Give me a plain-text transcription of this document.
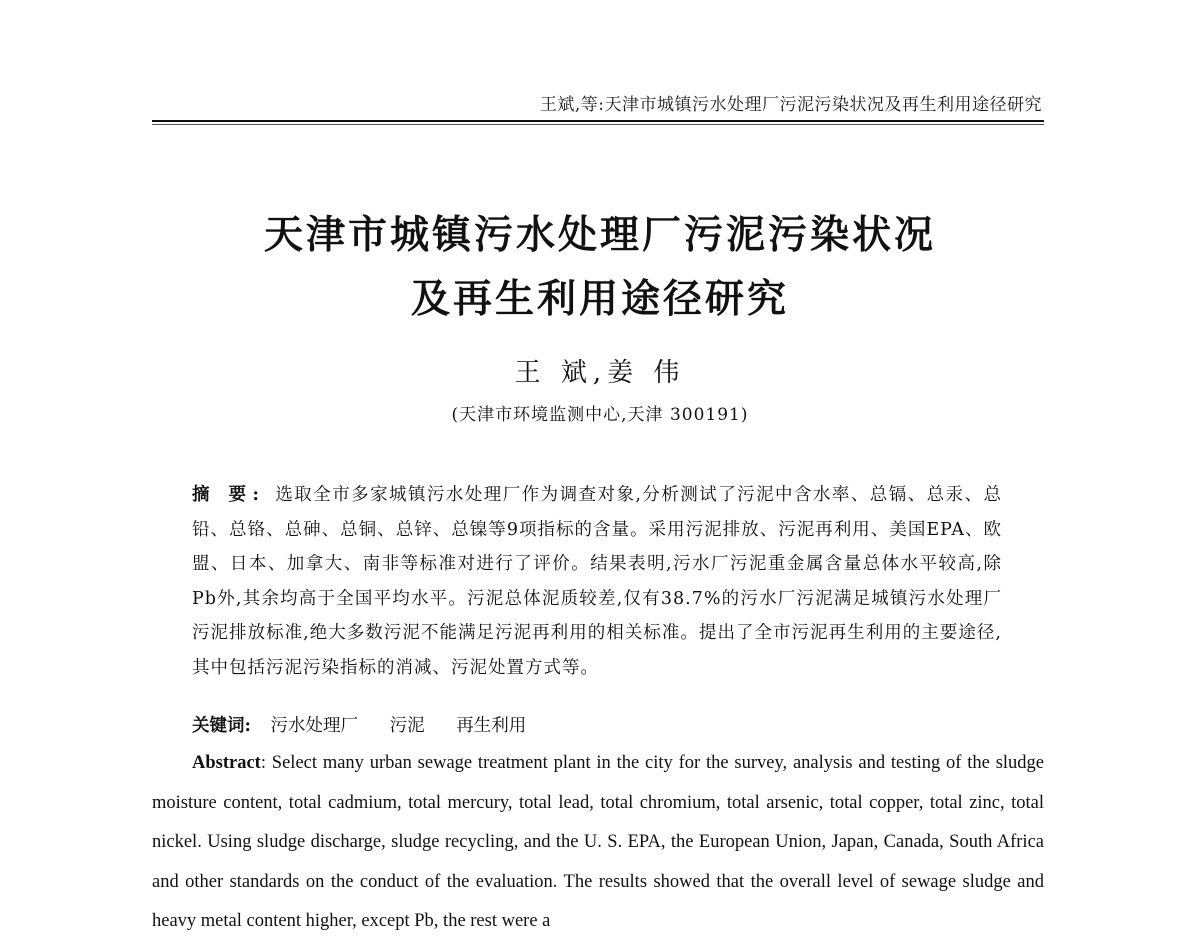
王斌,等:天津市城镇污水处理厂污泥污染状况及再生利用途径研究
天津市城镇污水处理厂污泥污染状况
及再生利用途径研究
王 斌,姜 伟
(天津市环境监测中心,天津 300191)
摘 要: 选取全市多家城镇污水处理厂作为调查对象,分析测试了污泥中含水率、总镉、总汞、总铅、总铬、总砷、总铜、总锌、总镍等9项指标的含量。采用污泥排放、污泥再利用、美国EPA、欧盟、日本、加拿大、南非等标准对进行了评价。结果表明,污水厂污泥重金属含量总体水平较高,除Pb外,其余均高于全国平均水平。污泥总体泥质较差,仅有38.7%的污水厂污泥满足城镇污水处理厂污泥排放标准,绝大多数污泥不能满足污泥再利用的相关标准。提出了全市污泥再生利用的主要途径,其中包括污泥污染指标的消减、污泥处置方式等。
关键词: 污水处理厂 污泥 再生利用
Abstract: Select many urban sewage treatment plant in the city for the survey, analysis and testing of the sludge moisture content, total cadmium, total mercury, total lead, total chromium, total arsenic, total copper, total zinc, total nickel. Using sludge discharge, sludge recycling, and the U. S. EPA, the European Union, Japan, Canada, South Africa and other standards on the conduct of the evaluation. The results showed that the overall level of sewage sludge and heavy metal content higher, except Pb, the rest were a
